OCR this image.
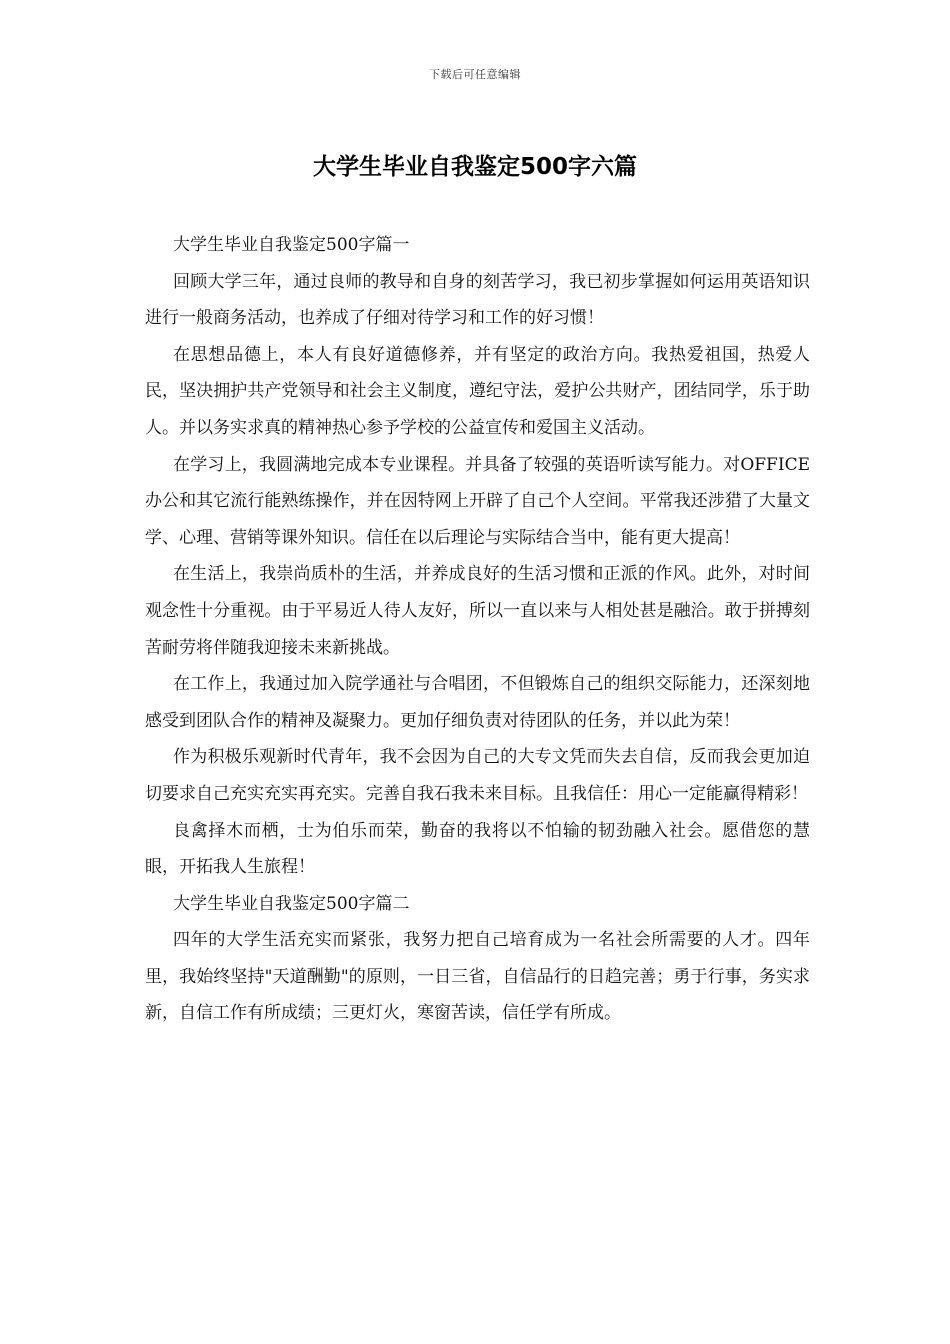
下载后可任意编辑
大学生毕业自我鉴定500字六篇

大学生毕业自我鉴定500字篇一

回顾大学三年，通过良师的教导和自身的刻苦学习，我已初步掌握如何运用英语知识进行一般商务活动，也养成了仔细对待学习和工作的好习惯！

在思想品德上，本人有良好道德修养，并有坚定的政治方向。我热爱祖国，热爱人民，坚决拥护共产党领导和社会主义制度，遵纪守法，爱护公共财产，团结同学，乐于助人。并以务实求真的精神热心参予学校的公益宣传和爱国主义活动。

在学习上，我圆满地完成本专业课程。并具备了较强的英语听读写能力。对OFFICE办公和其它流行能熟练操作，并在因特网上开辟了自己个人空间。平常我还涉猎了大量文学、心理、营销等课外知识。信任在以后理论与实际结合当中，能有更大提高！

在生活上，我崇尚质朴的生活，并养成良好的生活习惯和正派的作风。此外，对时间观念性十分重视。由于平易近人待人友好，所以一直以来与人相处甚是融洽。敢于拼搏刻苦耐劳将伴随我迎接未来新挑战。

在工作上，我通过加入院学通社与合唱团，不但锻炼自己的组织交际能力，还深刻地感受到团队合作的精神及凝聚力。更加仔细负责对待团队的任务，并以此为荣！

作为积极乐观新时代青年，我不会因为自己的大专文凭而失去自信，反而我会更加迫切要求自己充实充实再充实。完善自我石我未来目标。且我信任：用心一定能赢得精彩！

良禽择木而栖，士为伯乐而荣，勤奋的我将以不怕输的韧劲融入社会。愿借您的慧眼，开拓我人生旅程！

大学生毕业自我鉴定500字篇二

四年的大学生活充实而紧张，我努力把自己培育成为一名社会所需要的人才。四年里，我始终坚持"天道酬勤"的原则，一日三省，自信品行的日趋完善；勇于行事，务实求新，自信工作有所成绩；三更灯火，寒窗苦读，信任学有所成。
